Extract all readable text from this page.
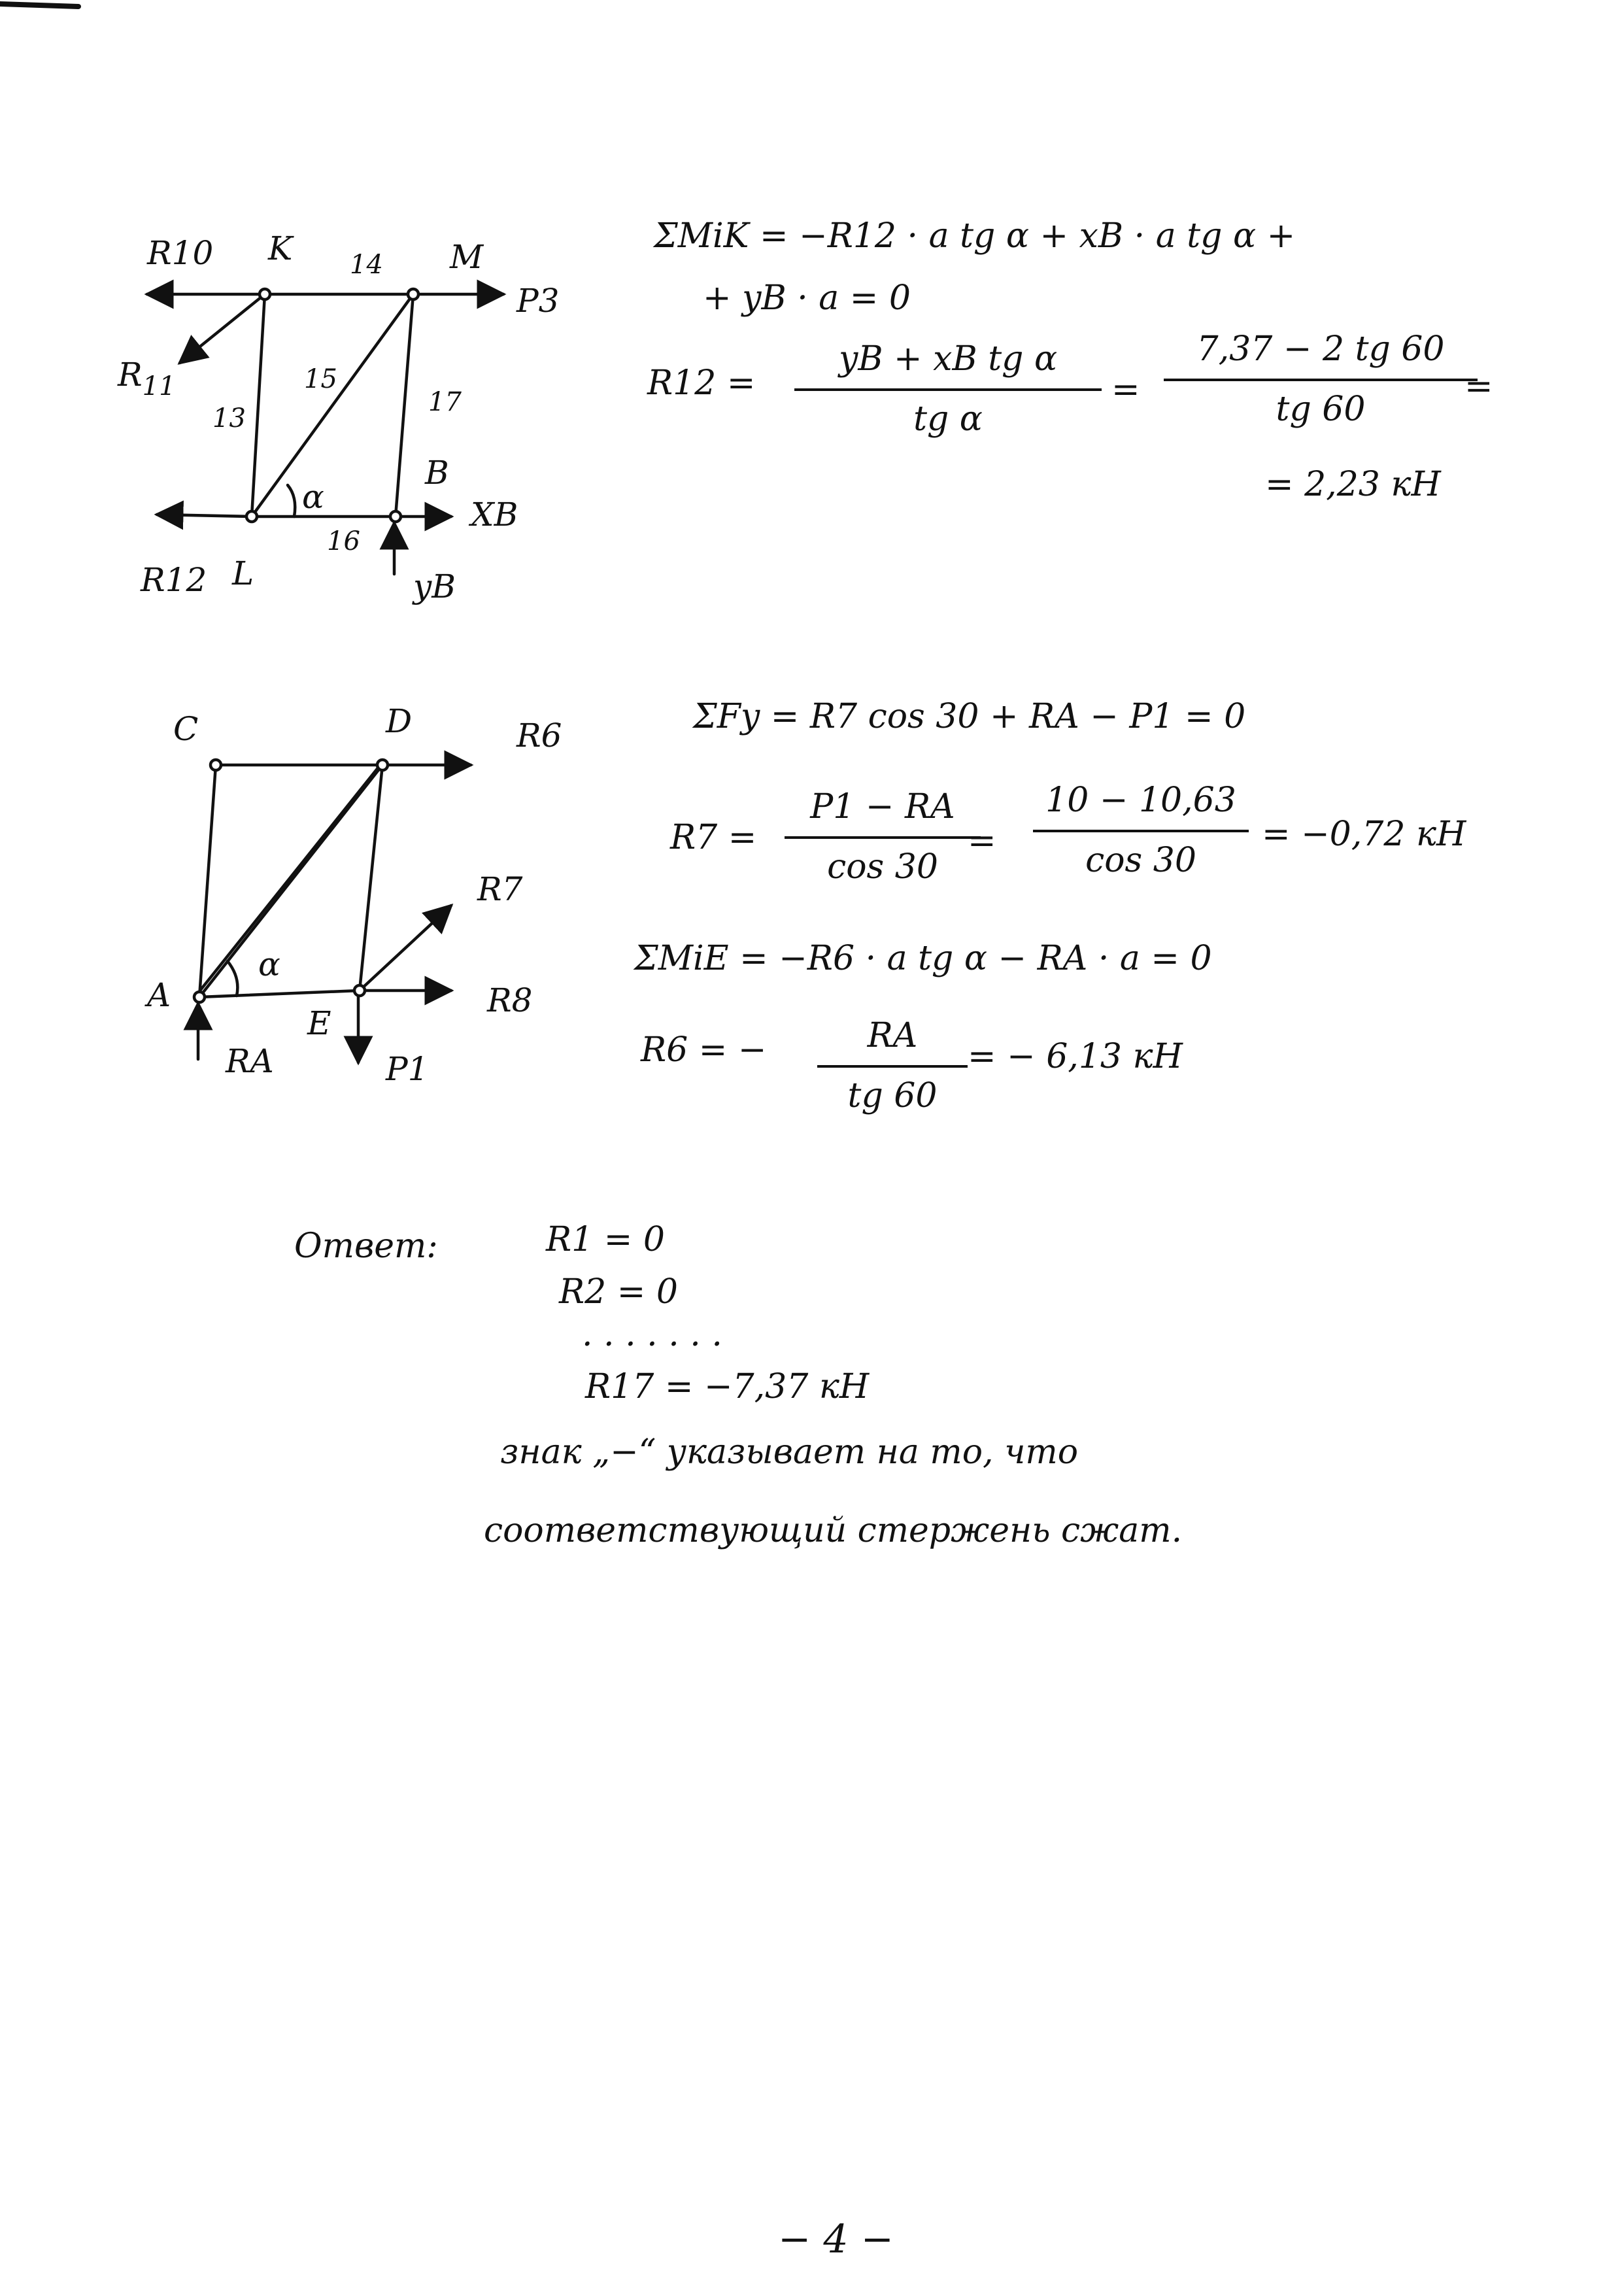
R10 K 14 M
P3
$R_{11}$
13
15
17
α
B
XB
R12 L
16
yB
ΣMiK = −R12 · a tg α + xB · a tg α +
+ yB · a = 0
R12 =
yB + xB tg α
tg α
=
7,37 − 2 tg 60
tg 60
=
= 2,23 кН
C	D	R6
R7
A
α
R8
RA
E
P1
ΣFy = R7 cos 30 + RA − P1 = 0
R7 =
P1 − RA
cos 30
=
10 − 10,63
cos 30
= −0,72 кН
ΣMiE = −R6 · a tg α − RA · a = 0
R6 = −	RA
tg 60
= − 6,13 кН
Ответ:	R1 = 0
R2 = 0
. . . . . . .
R17 = −7,37 кН
знак „−“ указывает на то, что
соответствующий стержень сжат.
− 4 −
